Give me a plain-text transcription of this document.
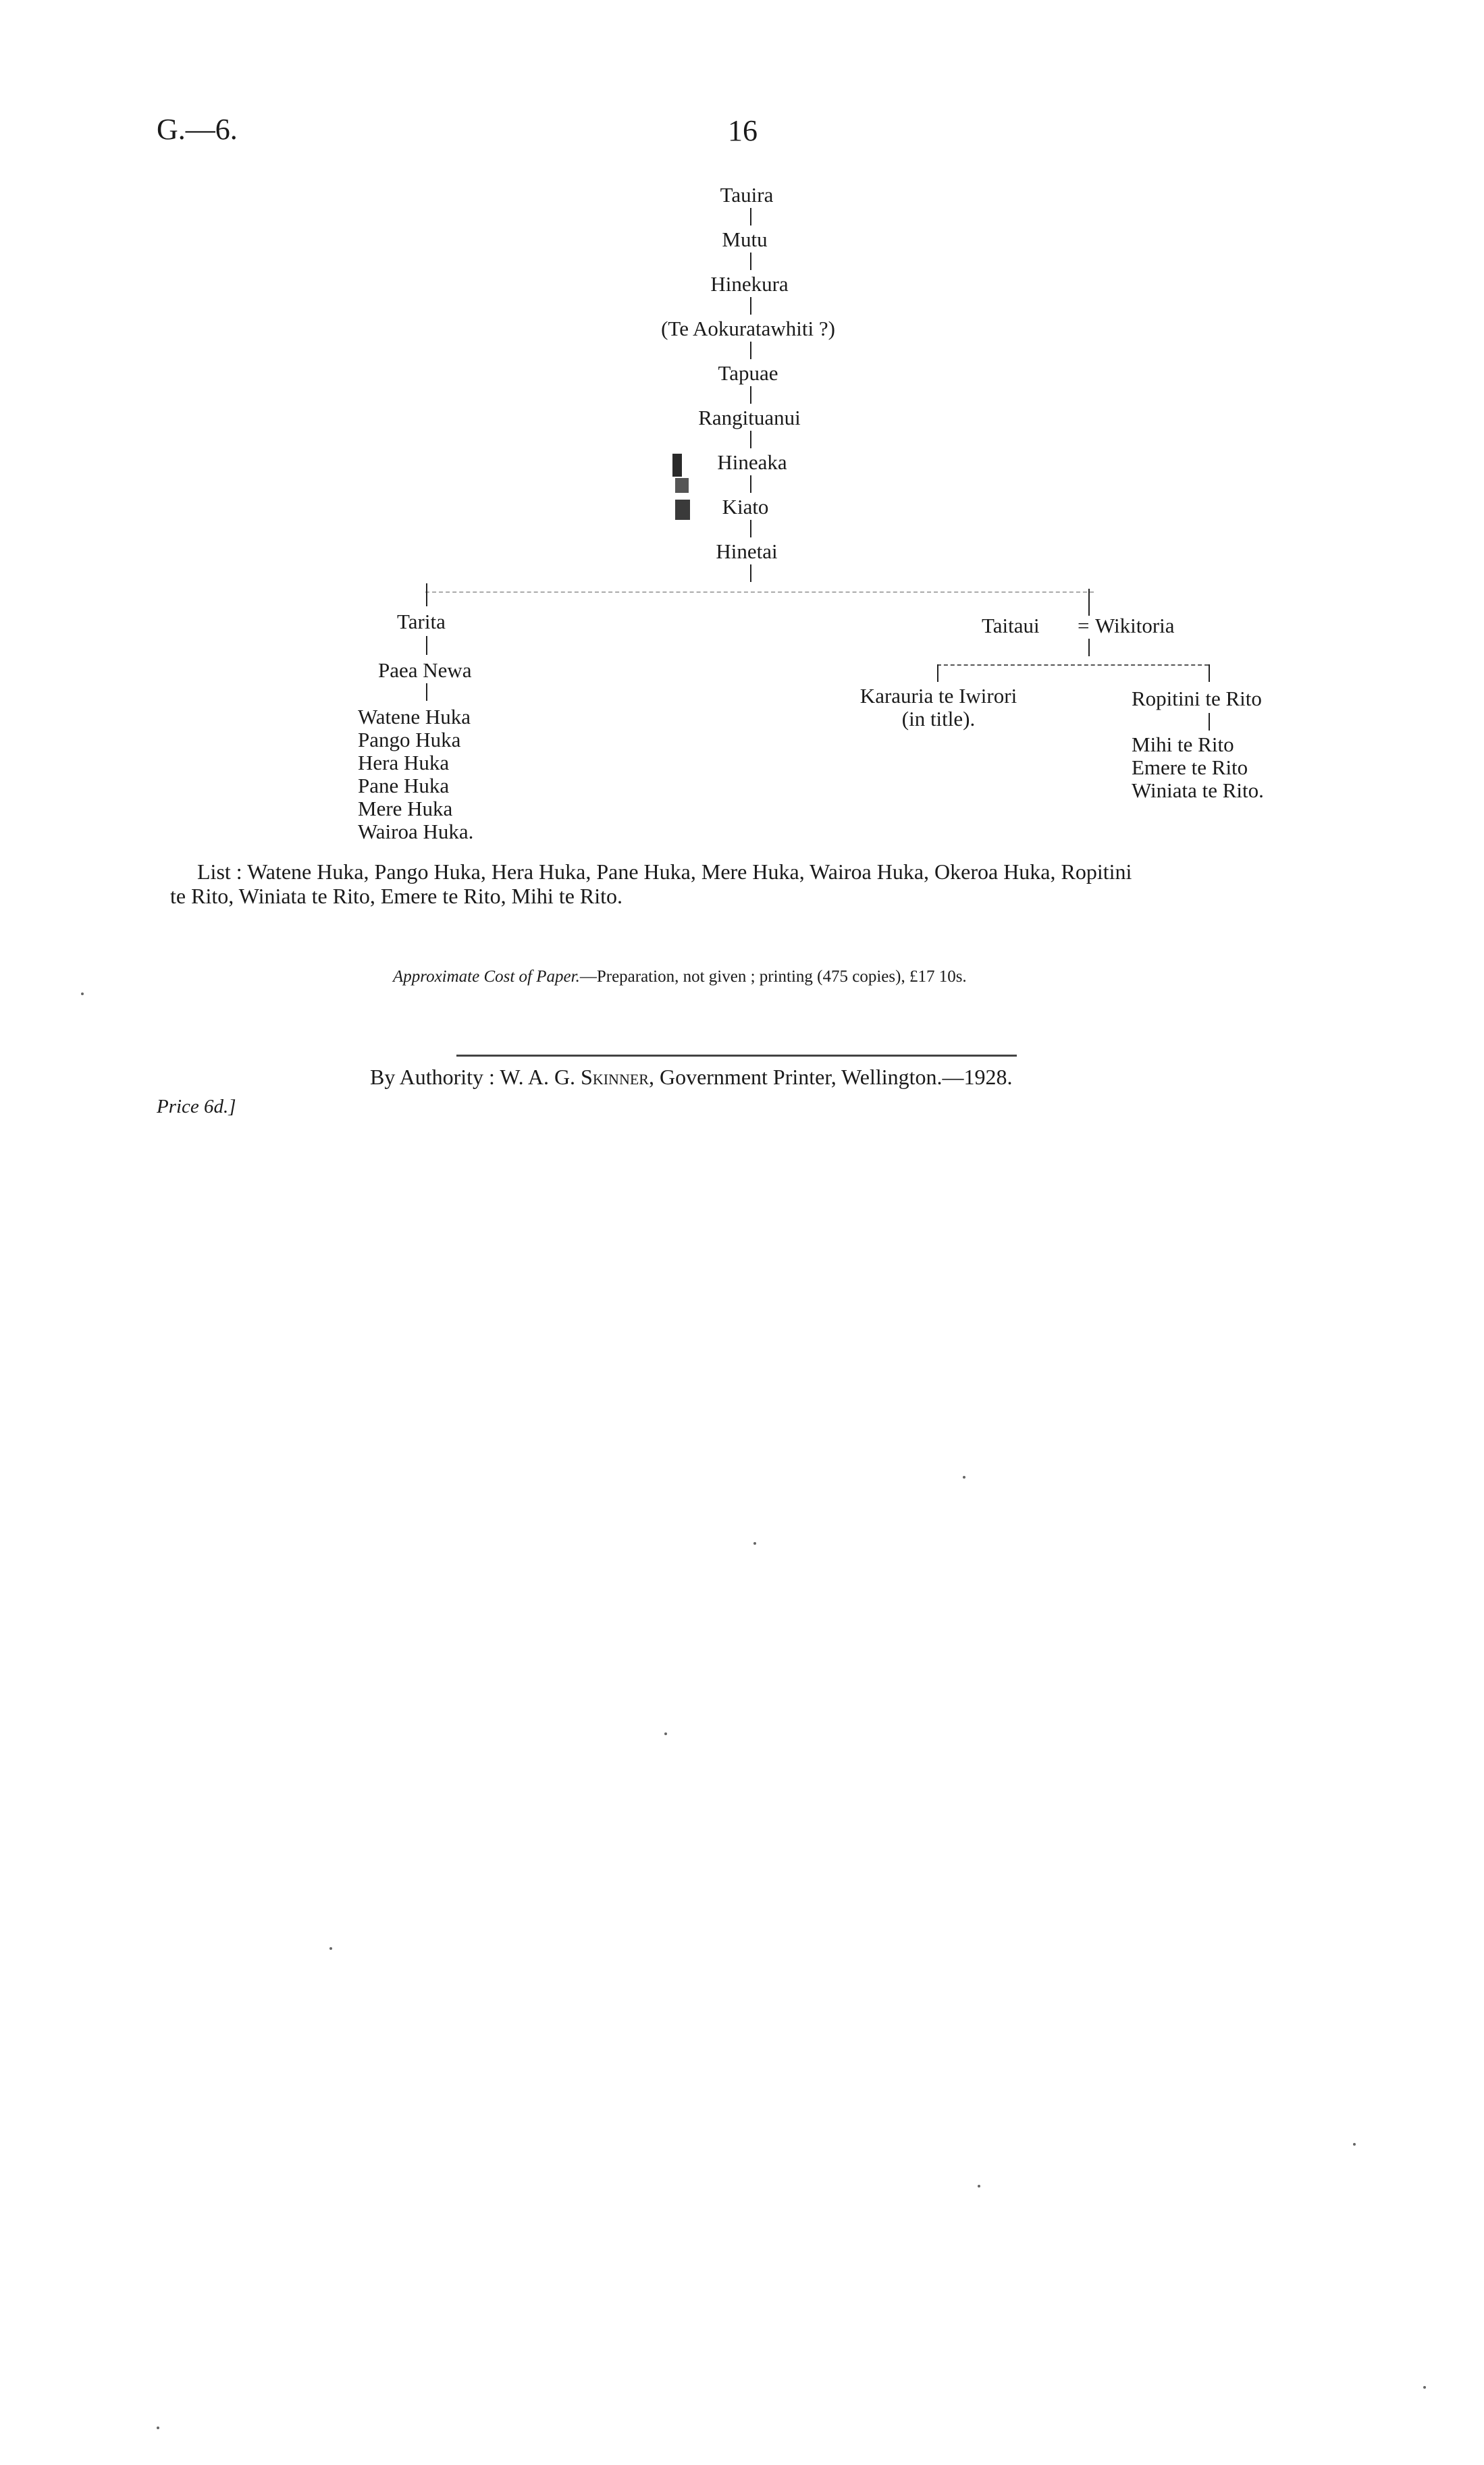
G.—6.	16
Tauira
Mutu
Hinekura
(Te Aokuratawhiti ?)
Tapuae
Rangituanui
Hineaka
Kiato
Hinetai
Tarita
Paea Newa
Watene Huka
Pango Huka
Hera Huka
Pane Huka
Mere Huka
Wairoa Huka.
Taitaui = Wikitoria
Karauria te Iwirori
(in title).
Ropitini te Rito
Mihi te Rito
Emere te Rito
Winiata te Rito.
List : Watene Huka, Pango Huka, Hera Huka, Pane Huka, Mere Huka, Wairoa Huka, Okeroa Huka, Ropitini
te Rito, Winiata te Rito, Emere te Rito, Mihi te Rito.
Approximate Cost of Paper.—Preparation, not given ; printing (475 copies), £17 10s.
By Authority : W. A. G. Skinner, Government Printer, Wellington.—1928.
Price 6d.]
